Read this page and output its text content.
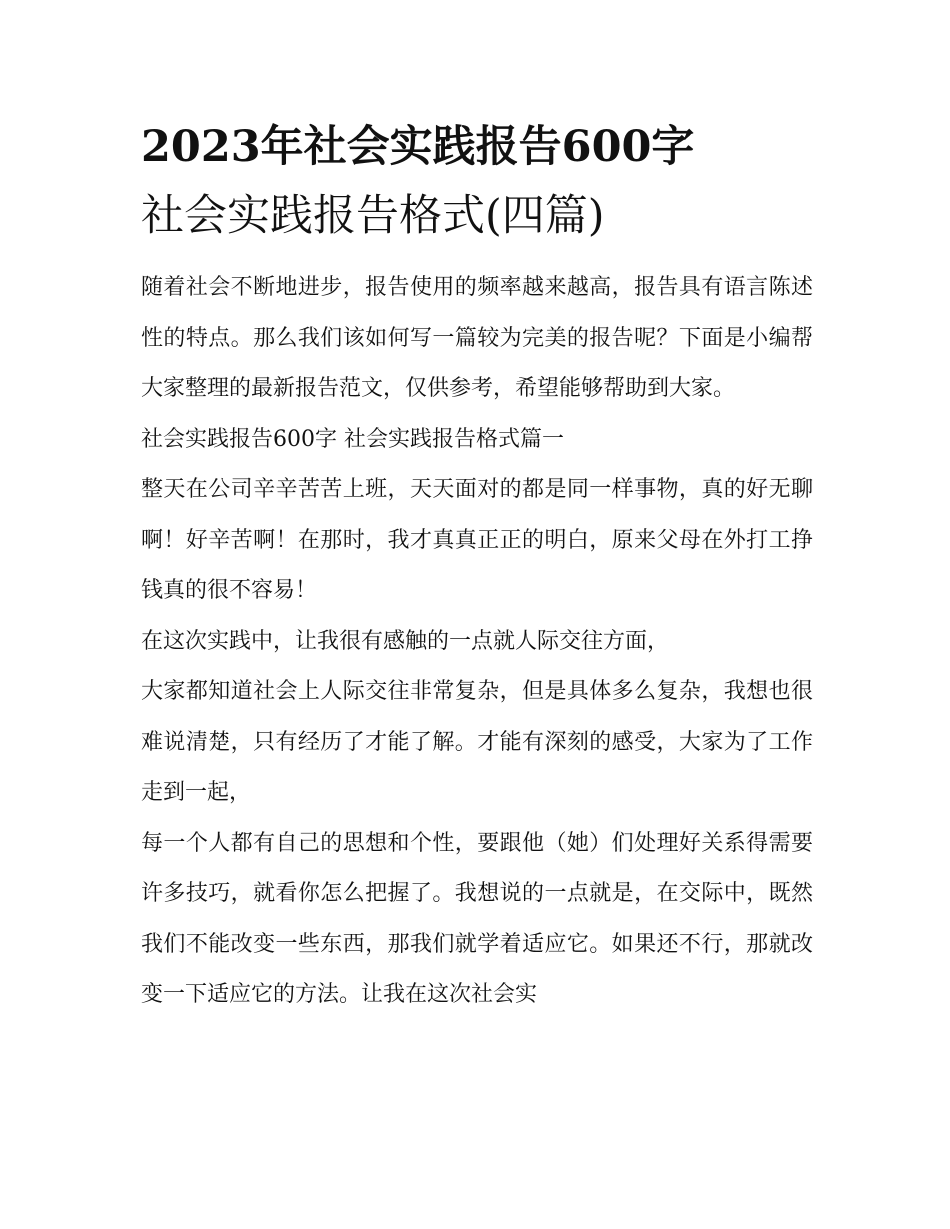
2023年社会实践报告600字
社会实践报告格式(四篇)

随着社会不断地进步，报告使用的频率越来越高，报告具有语言陈述性的特点。那么我们该如何写一篇较为完美的报告呢？下面是小编帮大家整理的最新报告范文，仅供参考，希望能够帮助到大家。

社会实践报告600字 社会实践报告格式篇一

整天在公司辛辛苦苦上班，天天面对的都是同一样事物，真的好无聊啊！好辛苦啊！在那时，我才真真正正的明白，原来父母在外打工挣钱真的很不容易！

在这次实践中，让我很有感触的一点就人际交往方面，

大家都知道社会上人际交往非常复杂，但是具体多么复杂，我想也很难说清楚，只有经历了才能了解。才能有深刻的感受，大家为了工作走到一起，

每一个人都有自己的思想和个性，要跟他（她）们处理好关系得需要许多技巧，就看你怎么把握了。我想说的一点就是，在交际中，既然我们不能改变一些东西，那我们就学着适应它。如果还不行，那就改变一下适应它的方法。让我在这次社会实
